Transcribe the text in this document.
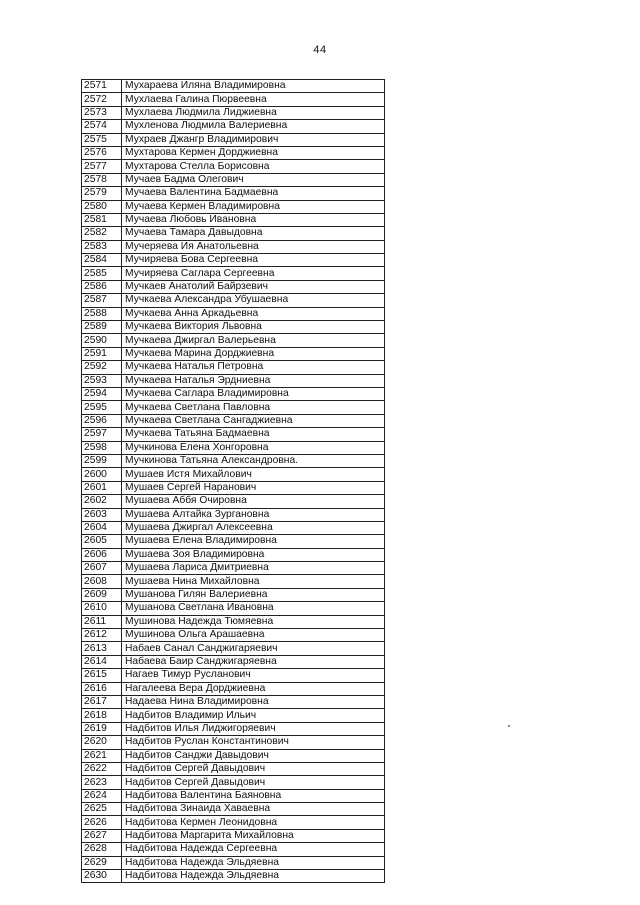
44
2571	Мухараева Иляна Владимировна
2572	Мухлаева Галина Пюрвеевна
2573	Мухлаева Людмила Лиджиевна
2574	Мухленова Людмила Валериевна
2575	Мухраев Джангр Владимирович
2576	Мухтарова Кермен Дорджиевна
2577	Мухтарова Стелла Борисовна
2578	Мучаев Бадма Олегович
2579	Мучаева Валентина Бадмаевна
2580	Мучаева Кермен Владимировна
2581	Мучаева Любовь Ивановна
2582	Мучаева Тамара Давыдовна
2583	Мучеряева Ия Анатольевна
2584	Мучиряева Бова Сергеевна
2585	Мучиряева Саглара Сергеевна
2586	Мучкаев Анатолий Байрзевич
2587	Мучкаева Александра Убушаевна
2588	Мучкаева Анна Аркадьевна
2589	Мучкаева Виктория Львовна
2590	Мучкаева Джиргал Валерьевна
2591	Мучкаева Марина Дорджиевна
2592	Мучкаева Наталья Петровна
2593	Мучкаева Наталья Эрдниевна
2594	Мучкаева Саглара Владимировна
2595	Мучкаева Светлана Павловна
2596	Мучкаева Светлана Сангаджиевна
2597	Мучкаева Татьяна Бадмаевна
2598	Мучкинова Елена Хонгоровна
2599	Мучкинова Татьяна Александровна.
2600	Мушаев Истя Михайлович
2601	Мушаев Сергей Наранович
2602	Мушаева Аббя Очировна
2603	Мушаева Алтайка Зургановна
2604	Мушаева Джиргал Алексеевна
2605	Мушаева Елена Владимировна
2606	Мушаева Зоя Владимировна
2607	Мушаева Лариса Дмитриевна
2608	Мушаева Нина Михайловна
2609	Мушанова Гилян Валериевна
2610	Мушанова Светлана Ивановна
2611	Мушинова Надежда Тюмяевна
2612	Мушинова Ольга Арашаевна
2613	Набаев Санал Санджигаряевич
2614	Набаева Баир Санджигаряевна
2615	Нагаев Тимур Русланович
2616	Нагалеева Вера Дорджиевна
2617	Надаева Нина Владимировна
2618	Надбитов Владимир Ильич
2619	Надбитов Илья Лиджигоряевич
2620	Надбитов Руслан Константинович
2621	Надбитов Санджи Давыдович
2622	Надбитов Сергей Давыдович
2623	Надбитов Сергей Давыдович
2624	Надбитова Валентина Баяновна
2625	Надбитова Зинаида Хаваевна
2626	Надбитова Кермен Леонидовна
2627	Надбитова Маргарита Михайловна
2628	Надбитова Надежда Сергеевна
2629	Надбитова Надежда Эльдяевна
2630	Надбитова Надежда Эльдяевна
